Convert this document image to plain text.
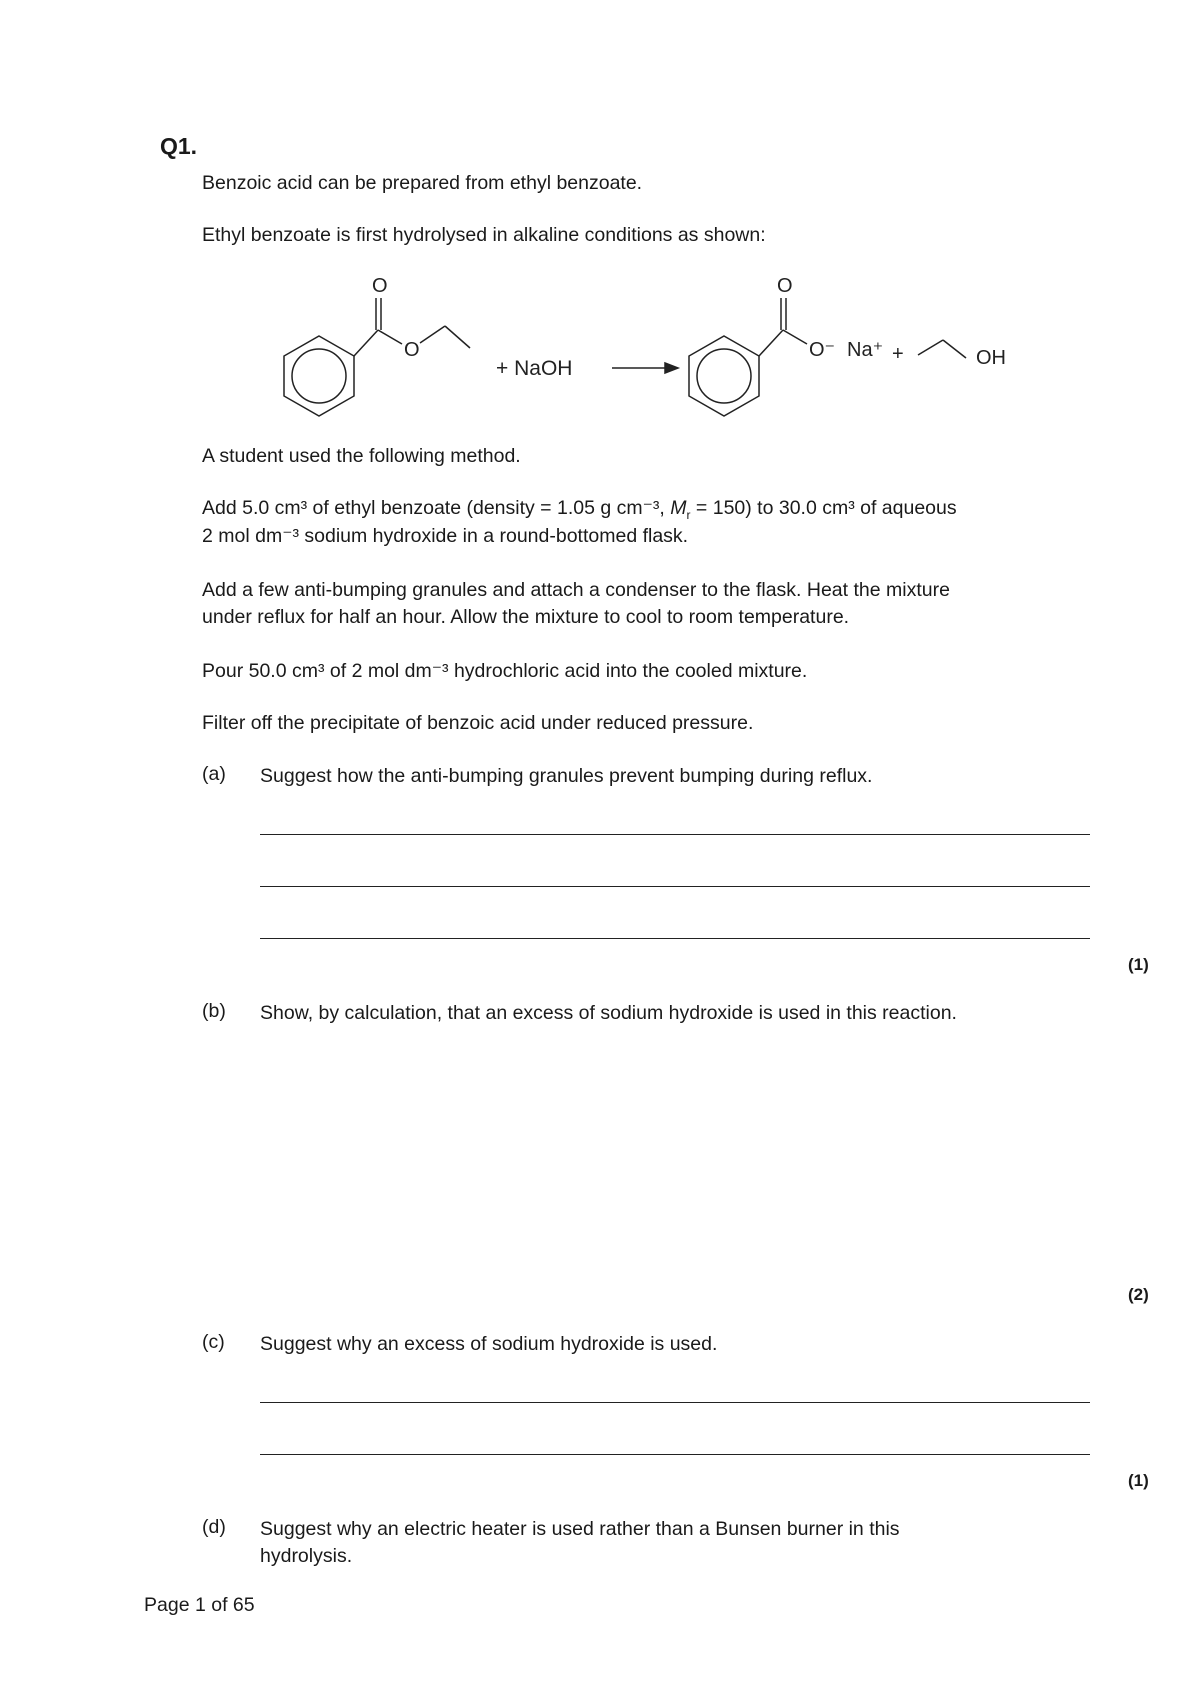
Q1.
Benzoic acid can be prepared from ethyl benzoate.
Ethyl benzoate is first hydrolysed in alkaline conditions as shown:
O
O
+ NaOH
O
O⁻ Na⁺ +	OH
A student used the following method.
Add 5.0 cm³ of ethyl benzoate (density = 1.05 g cm⁻³, $M_r = 150$) to 30.0 cm³ of aqueous
2 mol dm⁻³ sodium hydroxide in a round-bottomed flask.
Add a few anti-bumping granules and attach a condenser to the flask. Heat the mixture
under reflux for half an hour. Allow the mixture to cool to room temperature.
Pour 50.0 cm³ of 2 mol dm⁻³ hydrochloric acid into the cooled mixture.
Filter off the precipitate of benzoic acid under reduced pressure.
(a) Suggest how the anti-bumping granules prevent bumping during reflux.
(1)
(b) Show, by calculation, that an excess of sodium hydroxide is used in this reaction.
(2)
(c) Suggest why an excess of sodium hydroxide is used.
(1)
(d) Suggest why an electric heater is used rather than a Bunsen burner in this
hydrolysis.
Page 1 of 65
